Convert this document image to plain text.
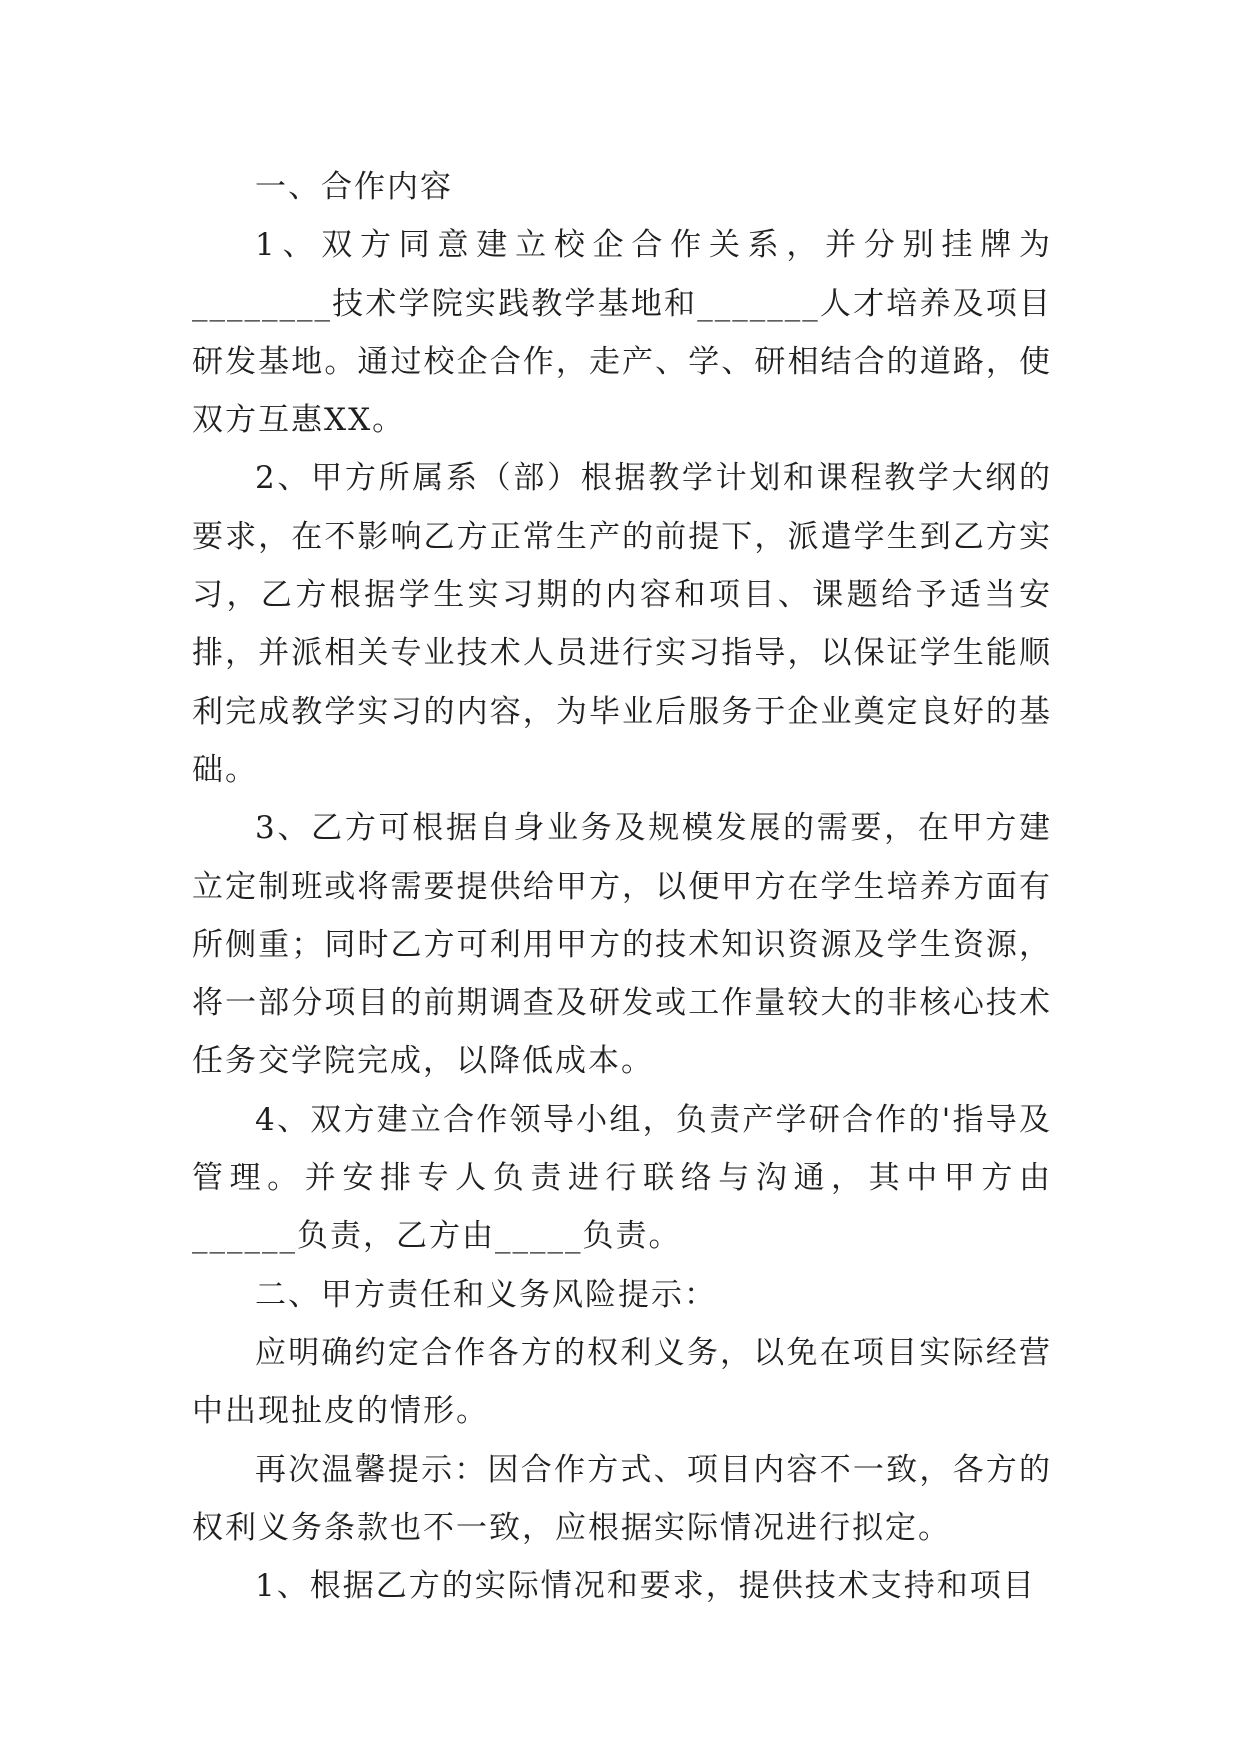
一、合作内容

1、双方同意建立校企合作关系，并分别挂牌为________技术学院实践教学基地和_______人才培养及项目研发基地。通过校企合作，走产、学、研相结合的道路，使双方互惠XX。

2、甲方所属系（部）根据教学计划和课程教学大纲的要求，在不影响乙方正常生产的前提下，派遣学生到乙方实习，乙方根据学生实习期的内容和项目、课题给予适当安排，并派相关专业技术人员进行实习指导，以保证学生能顺利完成教学实习的内容，为毕业后服务于企业奠定良好的基础。

3、乙方可根据自身业务及规模发展的需要，在甲方建立定制班或将需要提供给甲方，以便甲方在学生培养方面有所侧重；同时乙方可利用甲方的技术知识资源及学生资源，将一部分项目的前期调查及研发或工作量较大的非核心技术任务交学院完成，以降低成本。

4、双方建立合作领导小组，负责产学研合作的'指导及管理。并安排专人负责进行联络与沟通，其中甲方由______负责，乙方由_____负责。

二、甲方责任和义务风险提示：

应明确约定合作各方的权利义务，以免在项目实际经营中出现扯皮的情形。

再次温馨提示：因合作方式、项目内容不一致，各方的权利义务条款也不一致，应根据实际情况进行拟定。

1、根据乙方的实际情况和要求，提供技术支持和项目
